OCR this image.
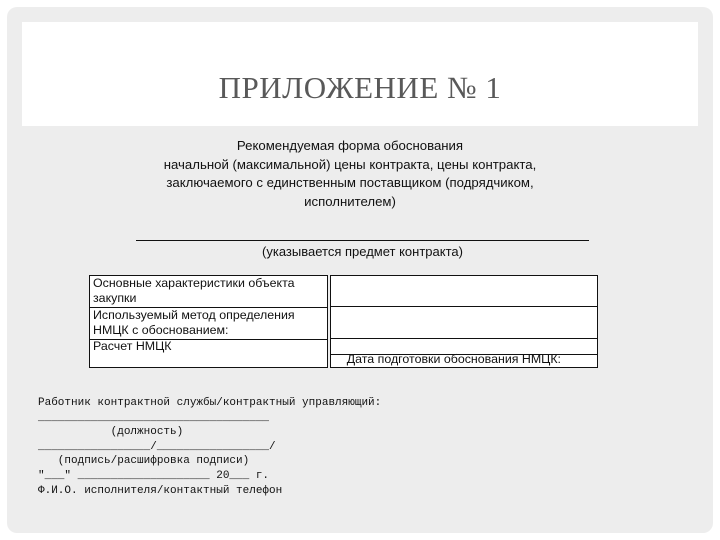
ПРИЛОЖЕНИЕ № 1
Рекомендуемая форма обоснования
начальной (максимальной) цены контракта, цены контракта,
заключаемого с единственным поставщиком (подрядчиком,
исполнителем)
(указывается предмет контракта)
Основные характеристики объекта
закупки
Используемый метод определения
НМЦК с обоснованием:
Расчет НМЦК
Дата подготовки обоснования НМЦК:
Работник контрактной службы/контрактный управляющий:
___________________________________
(должность)
_________________/_________________/
(подпись/расшифровка подписи)
"___" ____________________ 20___ г.
Ф.И.О. исполнителя/контактный телефон
